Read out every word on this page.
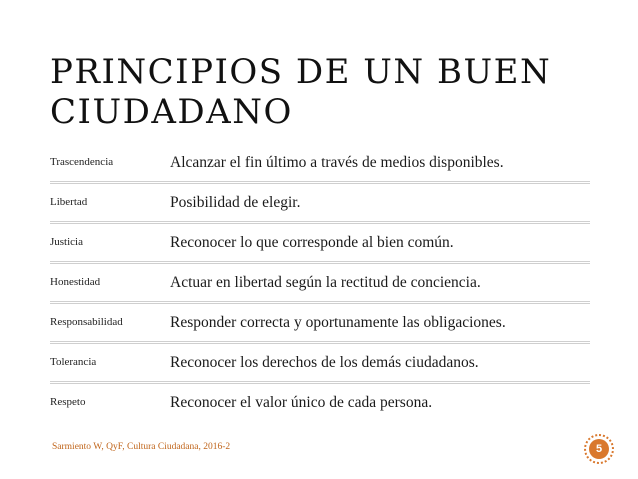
PRINCIPIOS DE UN BUEN CIUDADANO
Trascendencia	Alcanzar el fin último a través de medios disponibles.
Libertad	Posibilidad de elegir.
Justicia	Reconocer lo que corresponde al bien común.
Honestidad	Actuar en libertad según la rectitud de conciencia.
Responsabilidad	Responder correcta y oportunamente las obligaciones.
Tolerancia	Reconocer los derechos de los demás ciudadanos.
Respeto	Reconocer el valor único de cada persona.
Sarmiento W, QyF, Cultura Ciudadana, 2016-2	5
